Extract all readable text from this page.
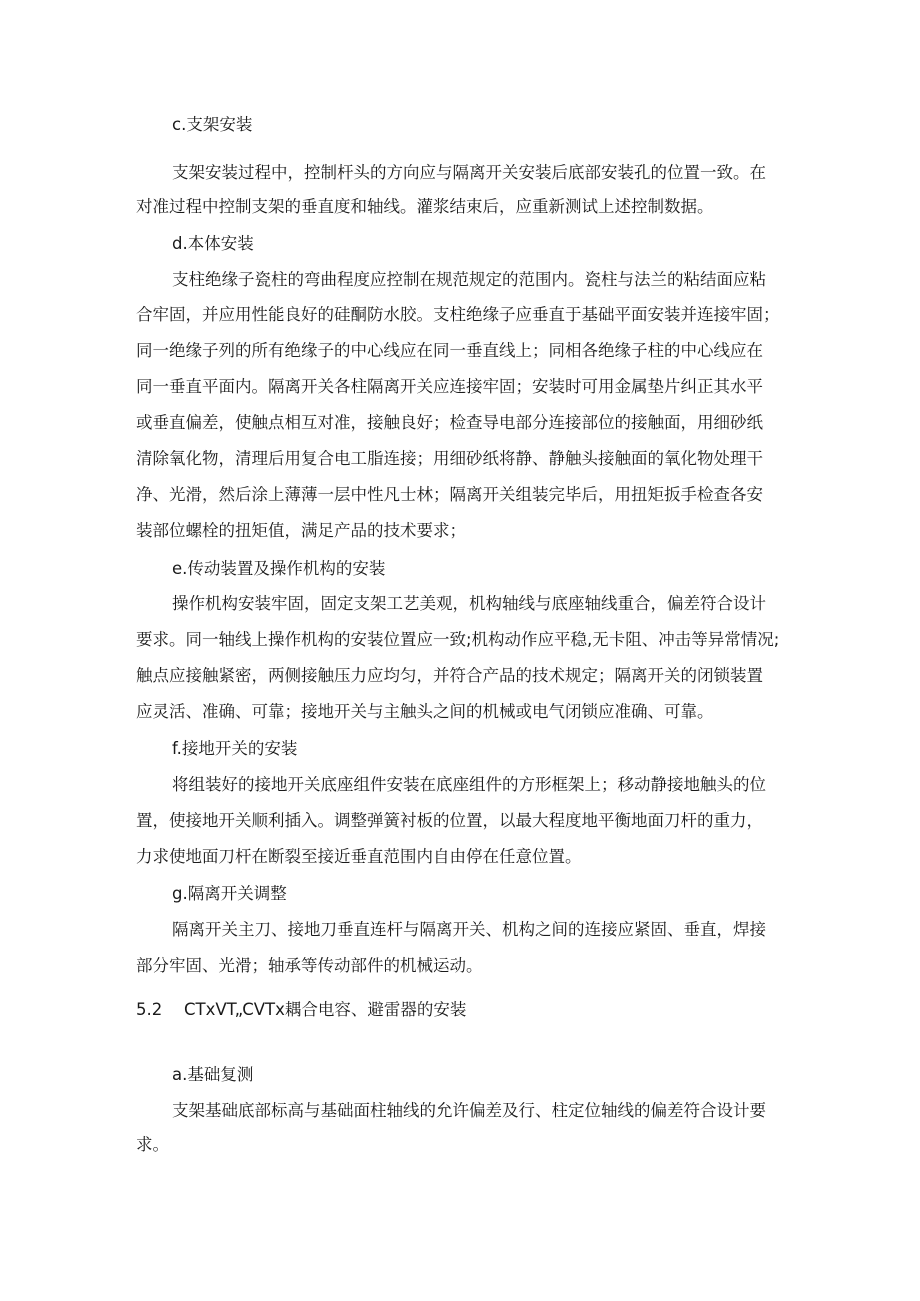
c.支架安装
支架安装过程中，控制杆头的方向应与隔离开关安装后底部安装孔的位置一致。在
对准过程中控制支架的垂直度和轴线。灌浆结束后，应重新测试上述控制数据。
d.本体安装
支柱绝缘子瓷柱的弯曲程度应控制在规范规定的范围内。瓷柱与法兰的粘结面应粘
合牢固，并应用性能良好的硅酮防水胶。支柱绝缘子应垂直于基础平面安装并连接牢固；
同一绝缘子列的所有绝缘子的中心线应在同一垂直线上；同相各绝缘子柱的中心线应在
同一垂直平面内。隔离开关各柱隔离开关应连接牢固；安装时可用金属垫片纠正其水平
或垂直偏差，使触点相互对准，接触良好；检查导电部分连接部位的接触面，用细砂纸
清除氧化物，清理后用复合电工脂连接；用细砂纸将静、静触头接触面的氧化物处理干
净、光滑，然后涂上薄薄一层中性凡士林；隔离开关组装完毕后，用扭矩扳手检查各安
装部位螺栓的扭矩值，满足产品的技术要求；
e.传动装置及操作机构的安装
操作机构安装牢固，固定支架工艺美观，机构轴线与底座轴线重合，偏差符合设计
要求。同一轴线上操作机构的安装位置应一致;机构动作应平稳,无卡阻、冲击等异常情况;
触点应接触紧密，两侧接触压力应均匀，并符合产品的技术规定；隔离开关的闭锁装置
应灵活、准确、可靠；接地开关与主触头之间的机械或电气闭锁应准确、可靠。
f.接地开关的安装
将组装好的接地开关底座组件安装在底座组件的方形框架上；移动静接地触头的位
置，使接地开关顺利插入。调整弹簧衬板的位置，以最大程度地平衡地面刀杆的重力，
力求使地面刀杆在断裂至接近垂直范围内自由停在任意位置。
g.隔离开关调整
隔离开关主刀、接地刀垂直连杆与隔离开关、机构之间的连接应紧固、垂直，焊接
部分牢固、光滑；轴承等传动部件的机械运动。
5.2 CTxVT„CVTx耦合电容、避雷器的安装
a.基础复测
支架基础底部标高与基础面柱轴线的允许偏差及行、柱定位轴线的偏差符合设计要
求。
